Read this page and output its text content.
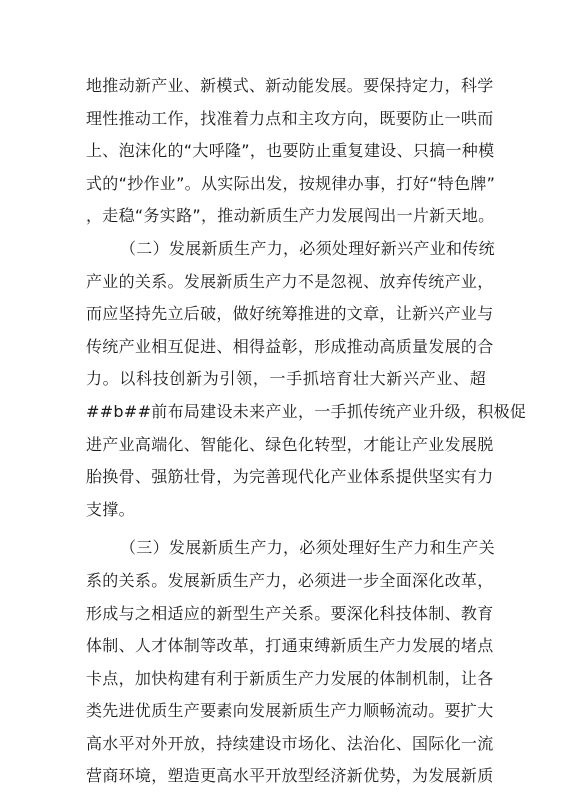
地推动新产业、新模式、新动能发展。要保持定力，科学
理性推动工作，找准着力点和主攻方向，既要防止一哄而
上、泡沫化的“大呼隆”，也要防止重复建设、只搞一种模
式的“抄作业”。从实际出发，按规律办事，打好“特色牌”
，走稳“务实路”，推动新质生产力发展闯出一片新天地。
（二）发展新质生产力，必须处理好新兴产业和传统
产业的关系。发展新质生产力不是忽视、放弃传统产业，
而应坚持先立后破，做好统筹推进的文章，让新兴产业与
传统产业相互促进、相得益彰，形成推动高质量发展的合
力。以科技创新为引领，一手抓培育壮大新兴产业、超
##b##前布局建设未来产业，一手抓传统产业升级，积极促
进产业高端化、智能化、绿色化转型，才能让产业发展脱
胎换骨、强筋壮骨，为完善现代化产业体系提供坚实有力
支撑。
（三）发展新质生产力，必须处理好生产力和生产关
系的关系。发展新质生产力，必须进一步全面深化改革，
形成与之相适应的新型生产关系。要深化科技体制、教育
体制、人才体制等改革，打通束缚新质生产力发展的堵点
卡点，加快构建有利于新质生产力发展的体制机制，让各
类先进优质生产要素向发展新质生产力顺畅流动。要扩大
高水平对外开放，持续建设市场化、法治化、国际化一流
营商环境，塑造更高水平开放型经济新优势，为发展新质
